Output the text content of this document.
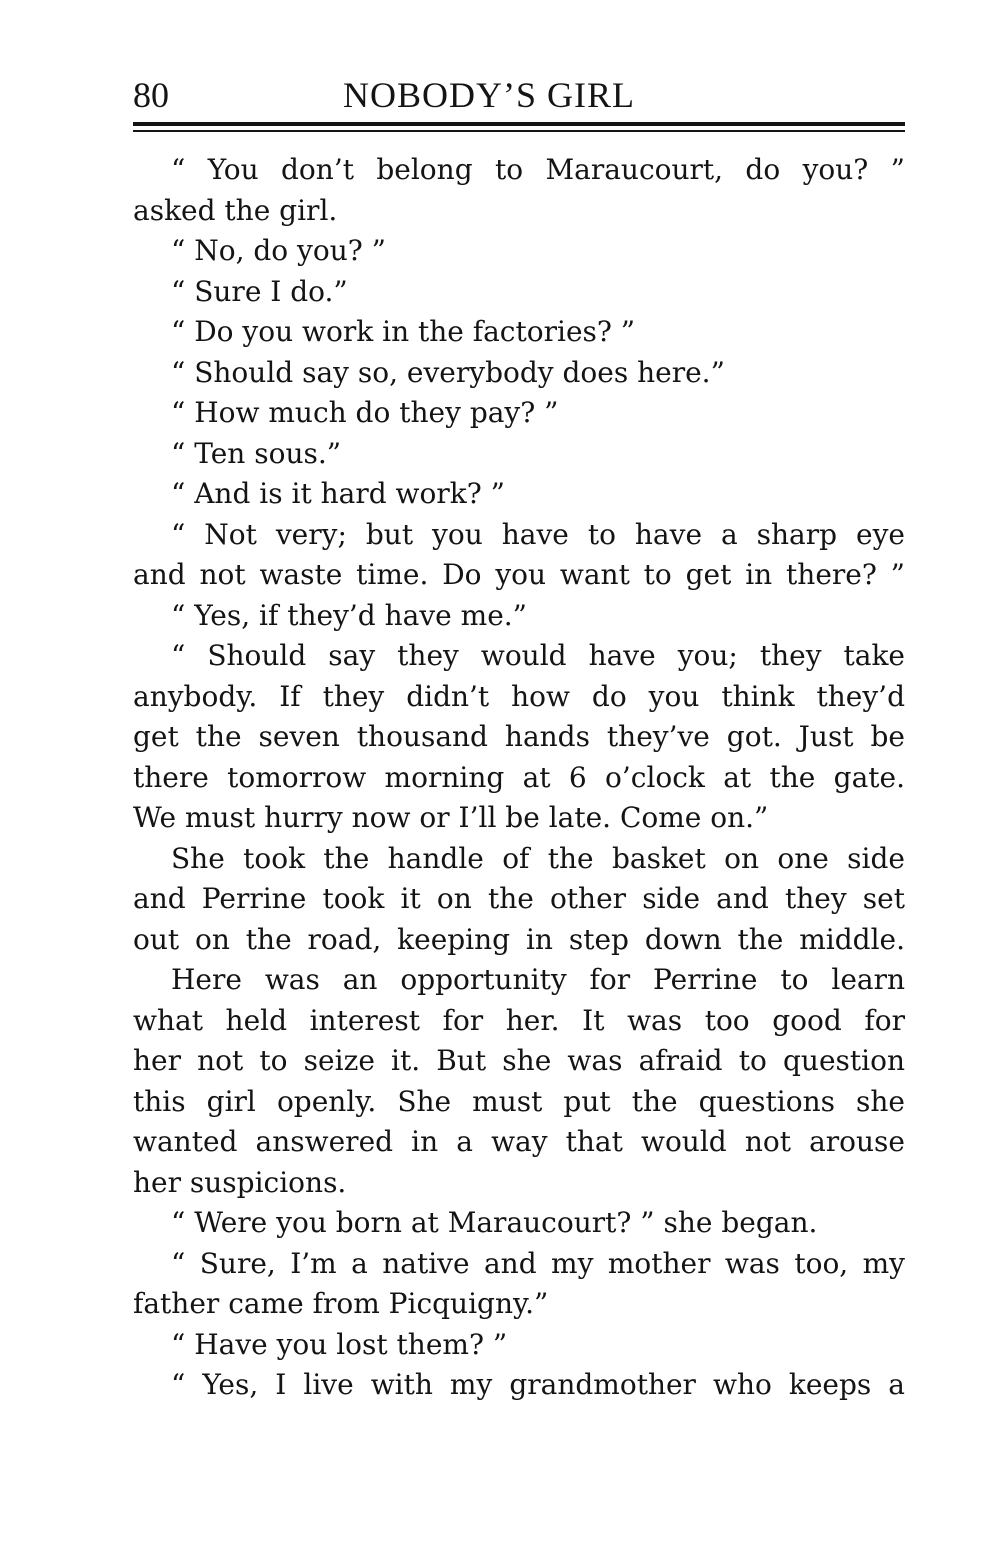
80	NOBODY’S GIRL
“ You don’t belong to Maraucourt, do you? ”
asked the girl.
“ No, do you? ”
“ Sure I do.”
“ Do you work in the factories? ”
“ Should say so, everybody does here.”
“ How much do they pay? ”
“ Ten sous.”
“ And is it hard work? ”
“ Not very; but you have to have a sharp eye
and not waste time. Do you want to get in there? ”
“ Yes, if they’d have me.”
“ Should say they would have you; they take
anybody. If they didn’t how do you think they’d
get the seven thousand hands they’ve got. Just be
there tomorrow morning at 6 o’clock at the gate.
We must hurry now or I’ll be late. Come on.”
She took the handle of the basket on one side
and Perrine took it on the other side and they set
out on the road, keeping in step down the middle.
Here was an opportunity for Perrine to learn
what held interest for her. It was too good for
her not to seize it. But she was afraid to question
this girl openly. She must put the questions she
wanted answered in a way that would not arouse
her suspicions.
“ Were you born at Maraucourt? ” she began.
“ Sure, I’m a native and my mother was too, my
father came from Picquigny.”
“ Have you lost them? ”
“ Yes, I live with my grandmother who keeps a
